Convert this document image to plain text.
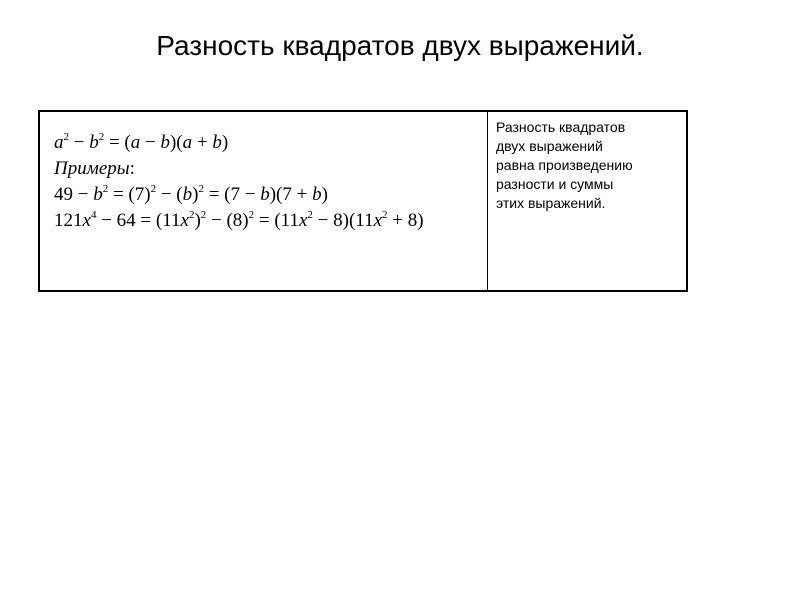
Разность квадратов двух выражений.
$a^2 - b^2 = (a - b)(a + b)$
Примеры:
$49 - b^2 = (7)^2 - (b)^2 = (7 - b)(7 + b)$
$121x^4 - 64 = (11x^2)^2 - (8)^2 = (11x^2 - 8)(11x^2 + 8)$
Разность квадратов
двух выражений
равна произведению
разности и суммы
этих выражений.
